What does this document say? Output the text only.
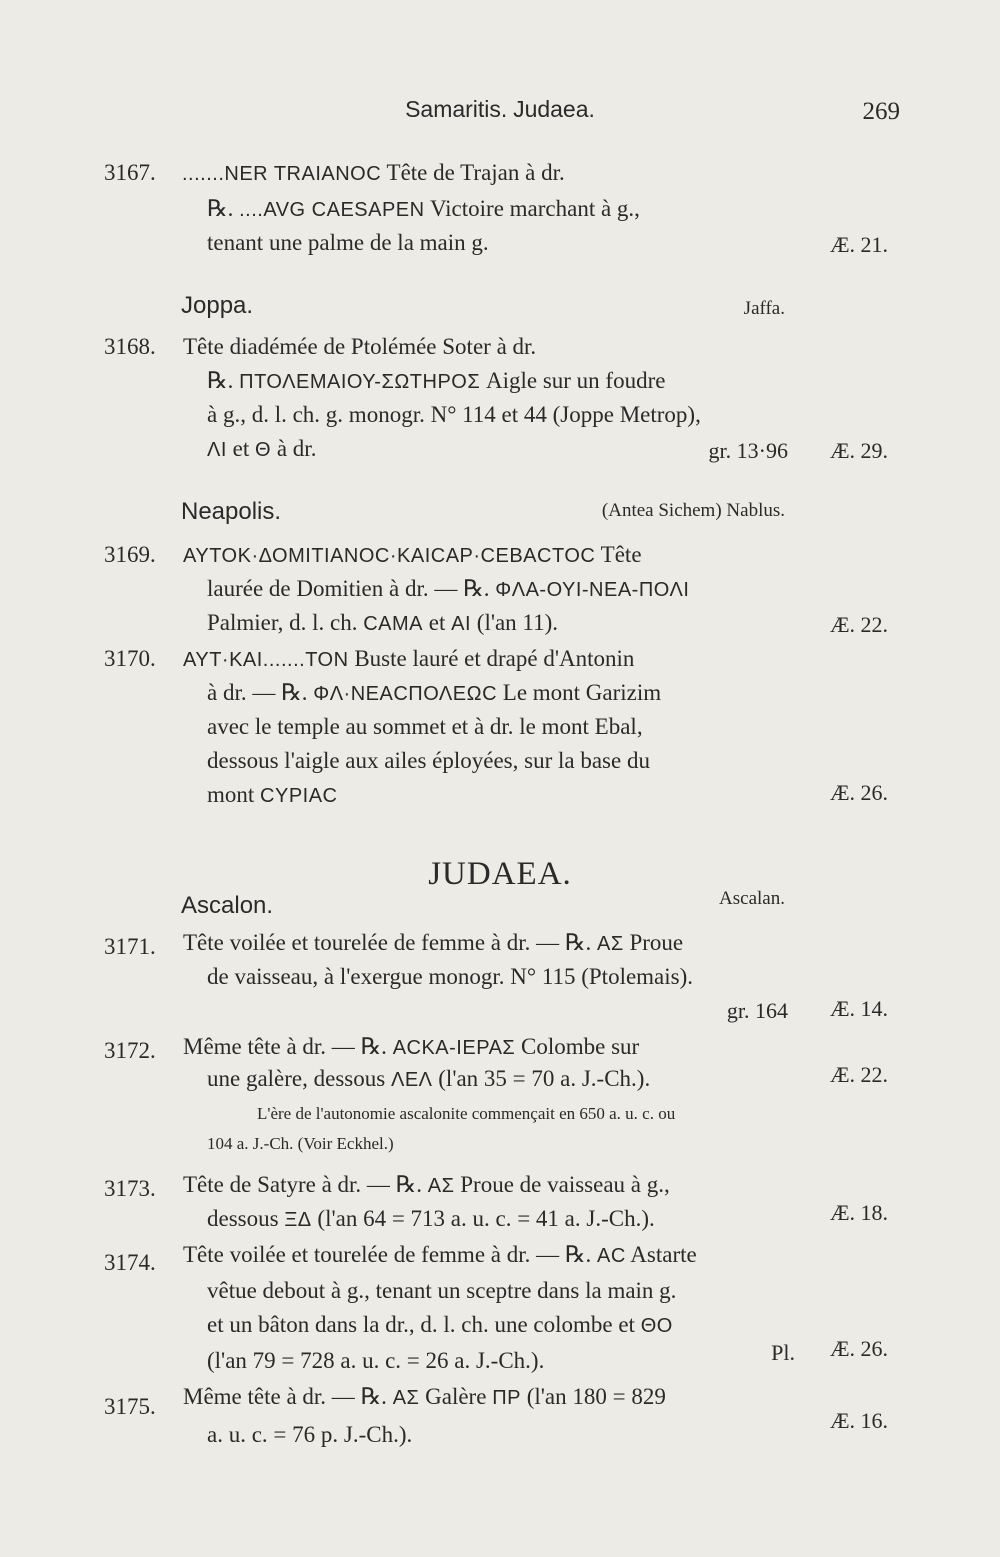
Samaritis. Judaea.	269
3167. .......NER TRAIANOC Tête de Trajan à dr.
℞. ....AVG CAESAPEN Victoire marchant à g.,
tenant une palme de la main g.	Æ. 21.
Joppa.	Jaffa.
3168. Tête diadémée de Ptolémée Soter à dr.
℞. ΠΤΟΛΕΜΑΙΟΥ-ΣΩΤΗΡΟΣ Aigle sur un foudre
à g., d. l. ch. g. monogr. N° 114 et 44 (Joppe Metrop),
ΛΙ et Θ à dr.	gr. 13·96 Æ. 29.
Neapolis.	(Antea Sichem) Nablus.
3169. ΑΥΤΟΚ·ΔΟΜΙΤΙΑΝΟC·ΚΑΙCΑΡ·CΕΒΑCΤΟC Tête
laurée de Domitien à dr. — ℞. ΦΛΑ-ΟΥΙ-ΝΕΑ-ΠΟΛΙ
Palmier, d. l. ch. CAMA et AI (l'an 11).	Æ. 22.
3170. ΑΥΤ·ΚΑΙ.......ΤΟΝ Buste lauré et drapé d'Antonin
à dr. — ℞. ΦΛ·ΝΕΑCΠΟΛΕΩC Le mont Garizim
avec le temple au sommet et à dr. le mont Ebal,
dessous l'aigle aux ailes éployées, sur la base du
mont CYPIAC	Æ. 26.
JUDAEA.
Ascalon.	Ascalan.
3171. Tête voilée et tourelée de femme à dr. — ℞. ΑΣ Proue
de vaisseau, à l'exergue monogr. N° 115 (Ptolemais).
gr. 164 Æ. 14.
3172. Même tête à dr. — ℞. ΑCΚΑ-ΙΕΡΑΣ Colombe sur
une galère, dessous ΛΕΛ (l'an 35 = 70 a. J.-Ch.).	Æ. 22.
L'ère de l'autonomie ascalonite commençait en 650 a. u. c. ou
104 a. J.-Ch. (Voir Eckhel.)
3173. Tête de Satyre à dr. — ℞. ΑΣ Proue de vaisseau à g.,
dessous ΞΔ (l'an 64 = 713 a. u. c. = 41 a. J.-Ch.).	Æ. 18.
3174. Tête voilée et tourelée de femme à dr. — ℞. ΑC Astarte
vêtue debout à g., tenant un sceptre dans la main g.
et un bâton dans la dr., d. l. ch. une colombe et ΘΟ
(l'an 79 = 728 a. u. c. = 26 a. J.-Ch.).	Pl. Æ. 26.
3175. Même tête à dr. — ℞. ΑΣ Galère ΠΡ (l'an 180 = 829
a. u. c. = 76 p. J.-Ch.).
Æ. 16.
